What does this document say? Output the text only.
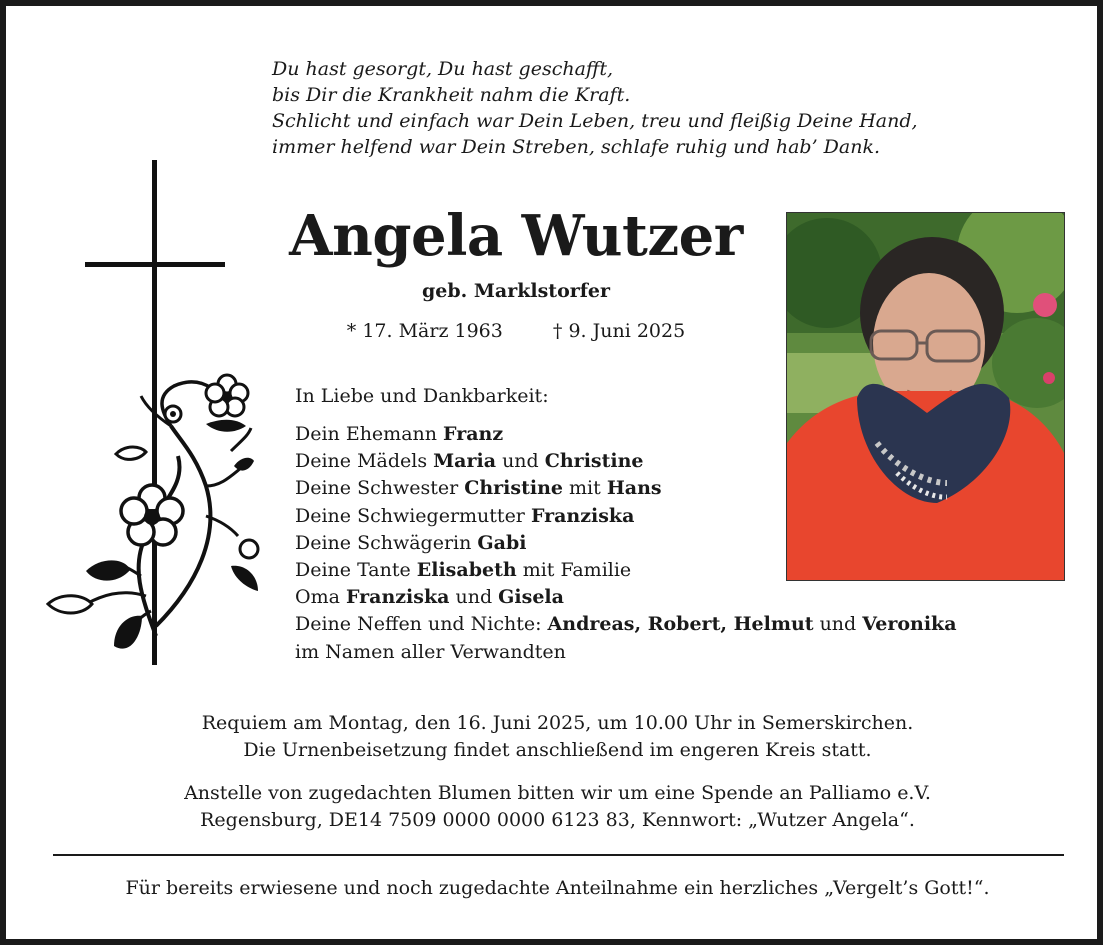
Du hast gesorgt, Du hast geschafft,
bis Dir die Krankheit nahm die Kraft.
Schlicht und einfach war Dein Leben, treu und fleißig Deine Hand,
immer helfend war Dein Streben, schlafe ruhig und hab’ Dank.
Angela Wutzer
geb. Marklstorfer
* 17. März 1963	† 9. Juni 2025
In Liebe und Dankbarkeit:
Dein Ehemann Franz
Deine Mädels Maria und Christine
Deine Schwester Christine mit Hans
Deine Schwiegermutter Franziska
Deine Schwägerin Gabi
Deine Tante Elisabeth mit Familie
Oma Franziska und Gisela
Deine Neffen und Nichte: Andreas, Robert, Helmut und Veronika
im Namen aller Verwandten
Requiem am Montag, den 16. Juni 2025, um 10.00 Uhr in Semerskirchen.
Die Urnenbeisetzung findet anschließend im engeren Kreis statt.
Anstelle von zugedachten Blumen bitten wir um eine Spende an Palliamo e.V.
Regensburg, DE14 7509 0000 0000 6123 83, Kennwort: „Wutzer Angela“.
Für bereits erwiesene und noch zugedachte Anteilnahme ein herzliches „Vergelt’s Gott!“.
